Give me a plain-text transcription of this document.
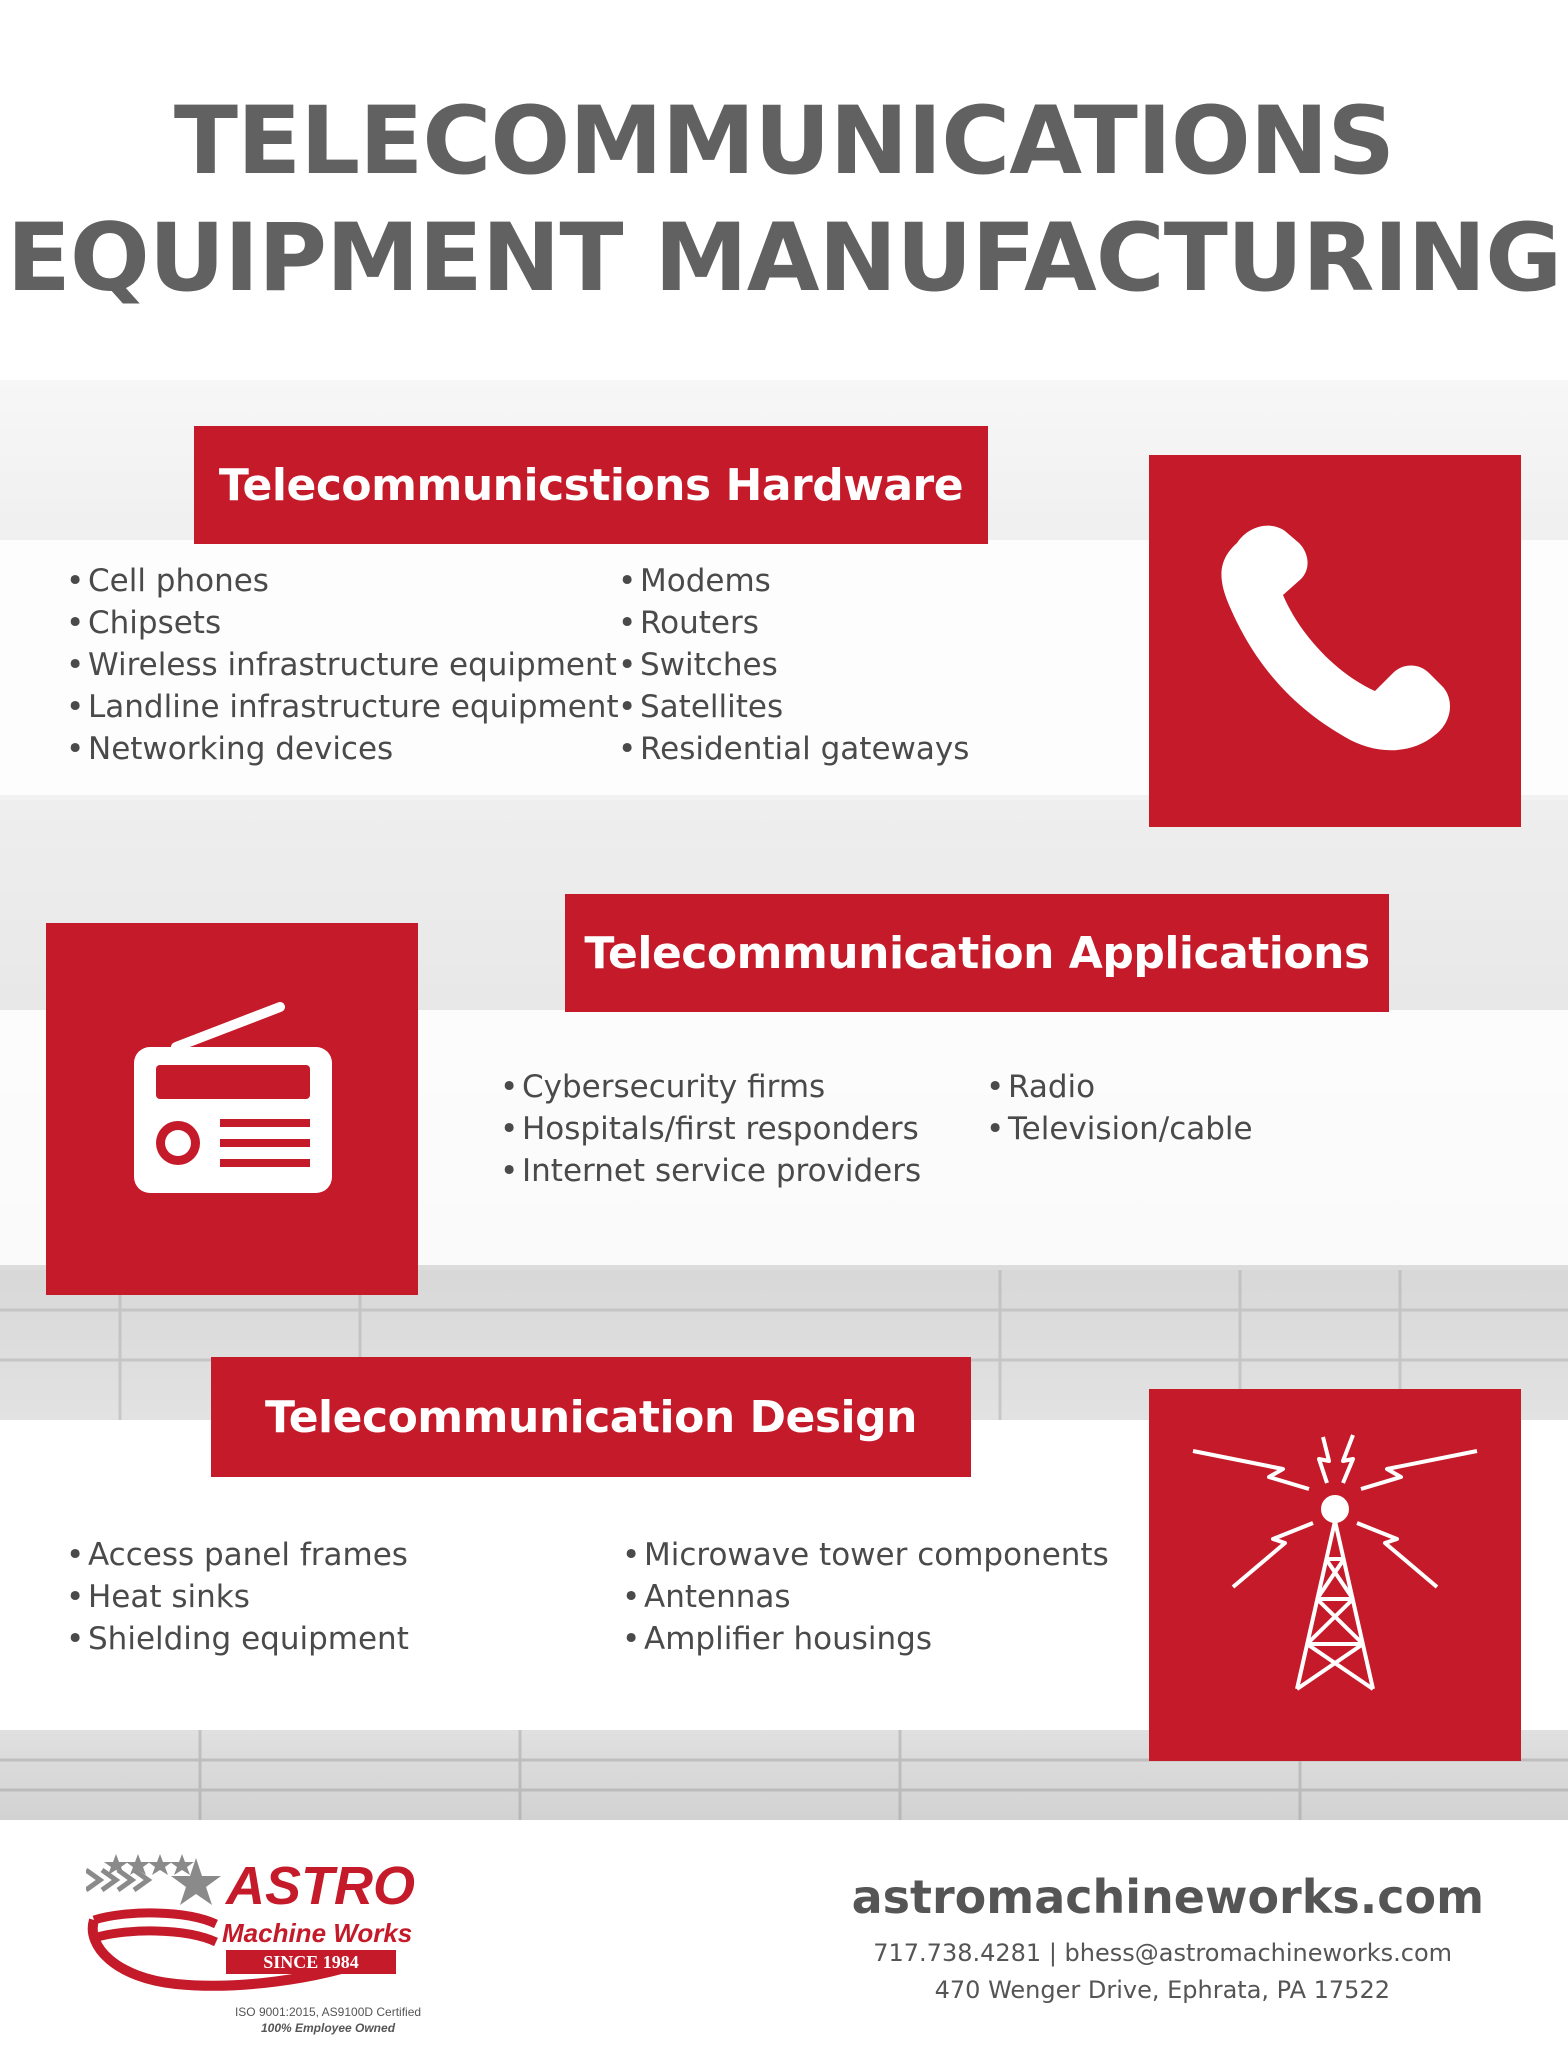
TELECOMMUNICATIONS
EQUIPMENT MANUFACTURING
Telecommunicstions Hardware
• Cell phones
• Chipsets
• Wireless infrastructure equipment
• Landline infrastructure equipment
• Networking devices
• Modems
• Routers
• Switches
• Satellites
• Residential gateways
Telecommunication Applications
• Cybersecurity firms
• Hospitals/first responders
• Internet service providers
• Radio
• Television/cable
Telecommunication Design
• Access panel frames
• Heat sinks
• Shielding equipment
• Microwave tower components
• Antennas
• Amplifier housings
ASTRO
Machine Works
SINCE 1984
ISO 9001:2015, AS9100D Certified
100% Employee Owned
astromachineworks.com
717.738.4281 | bhess@astromachineworks.com
470 Wenger Drive, Ephrata, PA 17522
